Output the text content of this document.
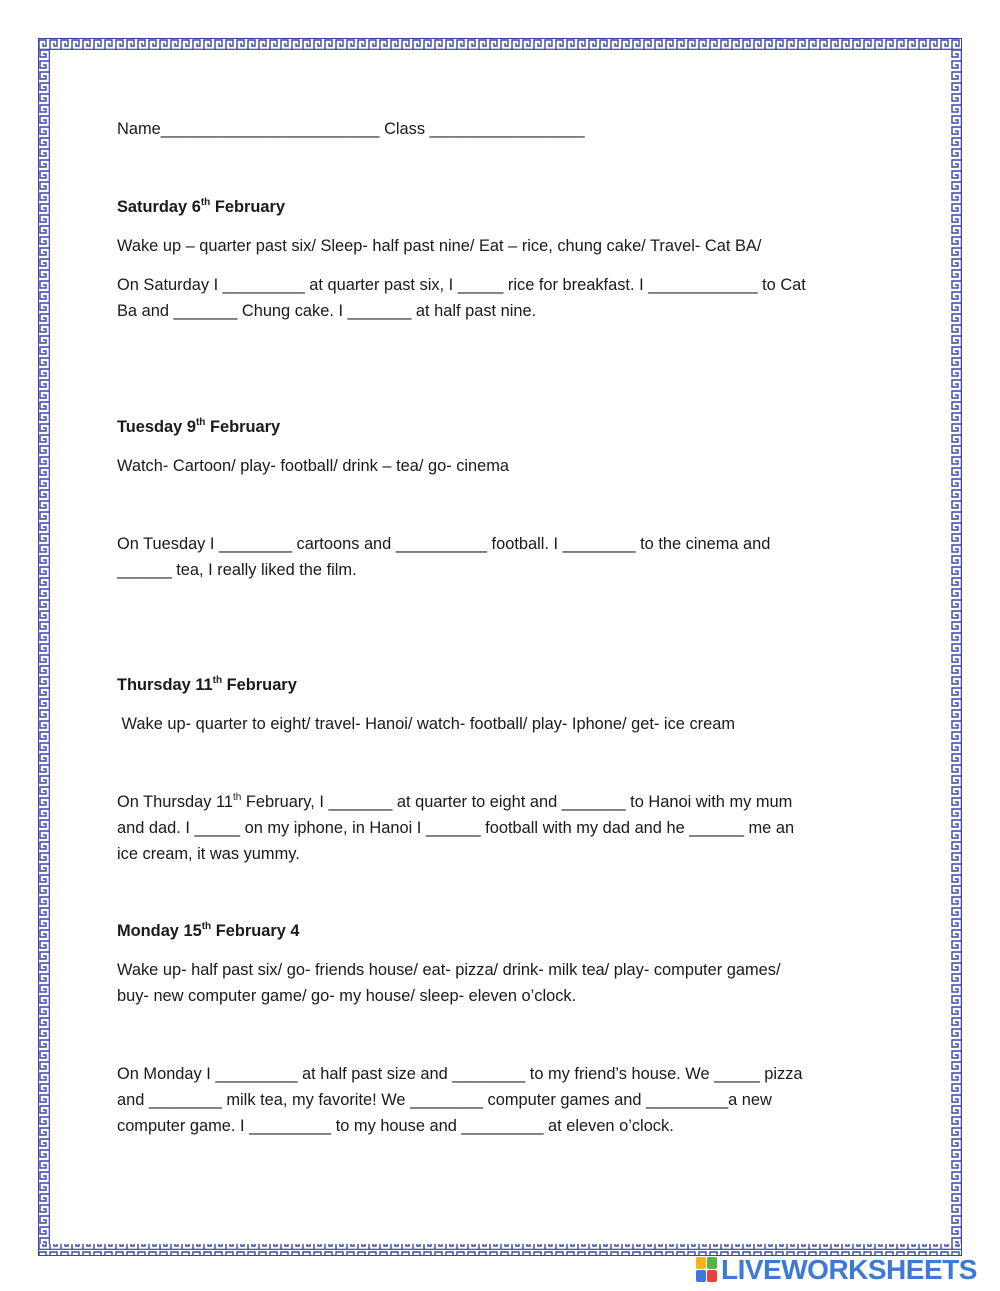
Name________________________ Class _________________
Saturday 6th February
Wake up – quarter past six/ Sleep- half past nine/ Eat – rice, chung cake/ Travel- Cat BA/
On Saturday I _________ at quarter past six, I _____ rice for breakfast. I ____________ to Cat
Ba and _______ Chung cake. I _______ at half past nine.
Tuesday 9th February
Watch- Cartoon/ play- football/ drink – tea/ go- cinema
On Tuesday I ________ cartoons and __________ football. I ________ to the cinema and
______ tea, I really liked the film.
Thursday 11th February
Wake up- quarter to eight/ travel- Hanoi/ watch- football/ play- Iphone/ get- ice cream
On Thursday 11th February, I _______ at quarter to eight and _______ to Hanoi with my mum
and dad. I _____ on my iphone, in Hanoi I ______ football with my dad and he ______ me an
ice cream, it was yummy.
Monday 15th February 4
Wake up- half past six/ go- friends house/ eat- pizza/ drink- milk tea/ play- computer games/
buy- new computer game/ go- my house/ sleep- eleven o’clock.
On Monday I _________ at half past size and ________ to my friend’s house. We _____ pizza
and ________ milk tea, my favorite! We ________ computer games and _________a new
computer game. I _________ to my house and _________ at eleven o’clock.
LIVEWORKSHEETS
